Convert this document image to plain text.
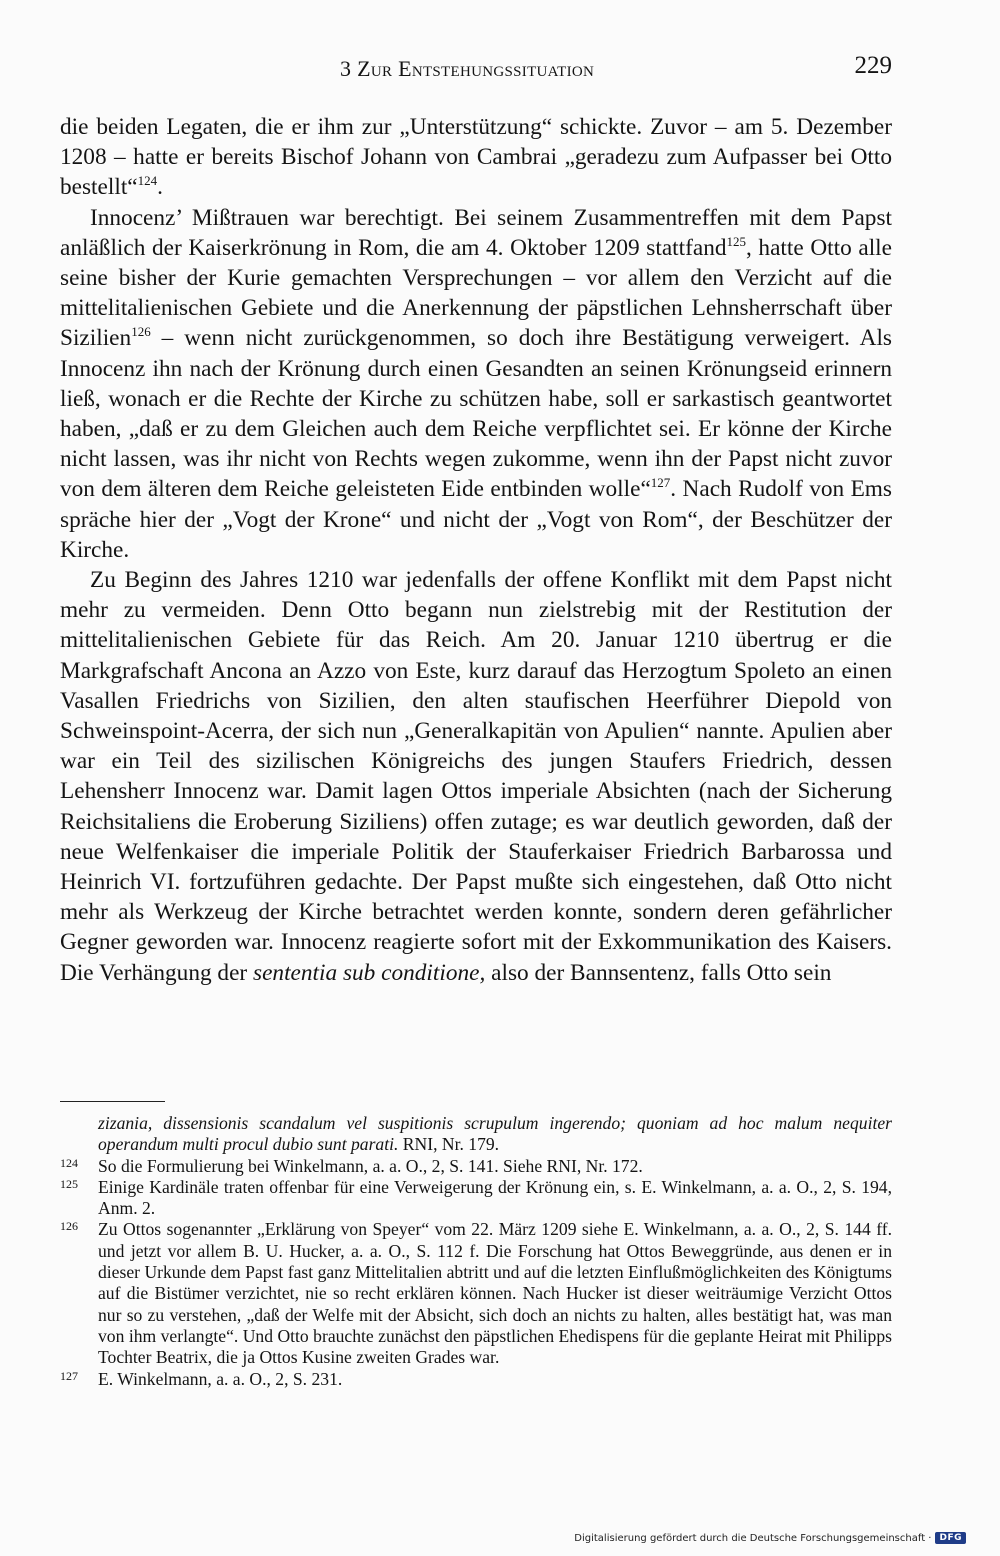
3 Zur Entstehungssituation	229

die beiden Legaten, die er ihm zur „Unterstützung“ schickte. Zuvor – am 5. Dezember 1208 – hatte er bereits Bischof Johann von Cambrai „geradezu zum Aufpasser bei Otto bestellt“$^{124}$.

Innocenz’ Mißtrauen war berechtigt. Bei seinem Zusammentreffen mit dem Papst anläßlich der Kaiserkrönung in Rom, die am 4. Oktober 1209 stattfand$^{125}$, hatte Otto alle seine bisher der Kurie gemachten Versprechungen – vor allem den Verzicht auf die mittelitalienischen Gebiete und die Anerkennung der päpstlichen Lehnsherrschaft über Sizilien$^{126}$ – wenn nicht zurückgenommen, so doch ihre Bestätigung verweigert. Als Innocenz ihn nach der Krönung durch einen Gesandten an seinen Krönungseid erinnern ließ, wonach er die Rechte der Kirche zu schützen habe, soll er sarkastisch geantwortet haben, „daß er zu dem Gleichen auch dem Reiche verpflichtet sei. Er könne der Kirche nicht lassen, was ihr nicht von Rechts wegen zukomme, wenn ihn der Papst nicht zuvor von dem älteren dem Reiche geleisteten Eide entbinden wolle“$^{127}$. Nach Rudolf von Ems spräche hier der „Vogt der Krone“ und nicht der „Vogt von Rom“, der Beschützer der Kirche.

Zu Beginn des Jahres 1210 war jedenfalls der offene Konflikt mit dem Papst nicht mehr zu vermeiden. Denn Otto begann nun zielstrebig mit der Restitution der mittelitalienischen Gebiete für das Reich. Am 20. Januar 1210 übertrug er die Markgrafschaft Ancona an Azzo von Este, kurz darauf das Herzogtum Spoleto an einen Vasallen Friedrichs von Sizilien, den alten staufischen Heerführer Diepold von Schweinspoint-Acerra, der sich nun „Generalkapitän von Apulien“ nannte. Apulien aber war ein Teil des sizilischen Königreichs des jungen Staufers Friedrich, dessen Lehensherr Innocenz war. Damit lagen Ottos imperiale Absichten (nach der Sicherung Reichsitaliens die Eroberung Siziliens) offen zutage; es war deutlich geworden, daß der neue Welfenkaiser die imperiale Politik der Stauferkaiser Friedrich Barbarossa und Heinrich VI. fortzuführen gedachte. Der Papst mußte sich eingestehen, daß Otto nicht mehr als Werkzeug der Kirche betrachtet werden konnte, sondern deren gefährlicher Gegner geworden war. Innocenz reagierte sofort mit der Exkommunikation des Kaisers. Die Verhängung der sententia sub conditione, also der Bannsentenz, falls Otto sein

zizania, dissensionis scandalum vel suspitionis scrupulum ingerendo; quoniam ad hoc malum nequiter operandum multi procul dubio sunt parati. RNI, Nr. 179.
124 So die Formulierung bei Winkelmann, a. a. O., 2, S. 141. Siehe RNI, Nr. 172.
125 Einige Kardinäle traten offenbar für eine Verweigerung der Krönung ein, s. E. Winkelmann, a. a. O., 2, S. 194, Anm. 2.
126 Zu Ottos sogenannter „Erklärung von Speyer“ vom 22. März 1209 siehe E. Winkelmann, a. a. O., 2, S. 144 ff. und jetzt vor allem B. U. Hucker, a. a. O., S. 112 f. Die Forschung hat Ottos Beweggründe, aus denen er in dieser Urkunde dem Papst fast ganz Mittelitalien abtritt und auf die letzten Einflußmöglichkeiten des Königtums auf die Bistümer verzichtet, nie so recht erklären können. Nach Hucker ist dieser weiträumige Verzicht Ottos nur so zu verstehen, „daß der Welfe mit der Absicht, sich doch an nichts zu halten, alles bestätigt hat, was man von ihm verlangte“. Und Otto brauchte zunächst den päpstlichen Ehedispens für die geplante Heirat mit Philipps Tochter Beatrix, die ja Ottos Kusine zweiten Grades war.
127 E. Winkelmann, a. a. O., 2, S. 231.
Digitalisierung gefördert durch die Deutsche Forschungsgemeinschaft · DFG
